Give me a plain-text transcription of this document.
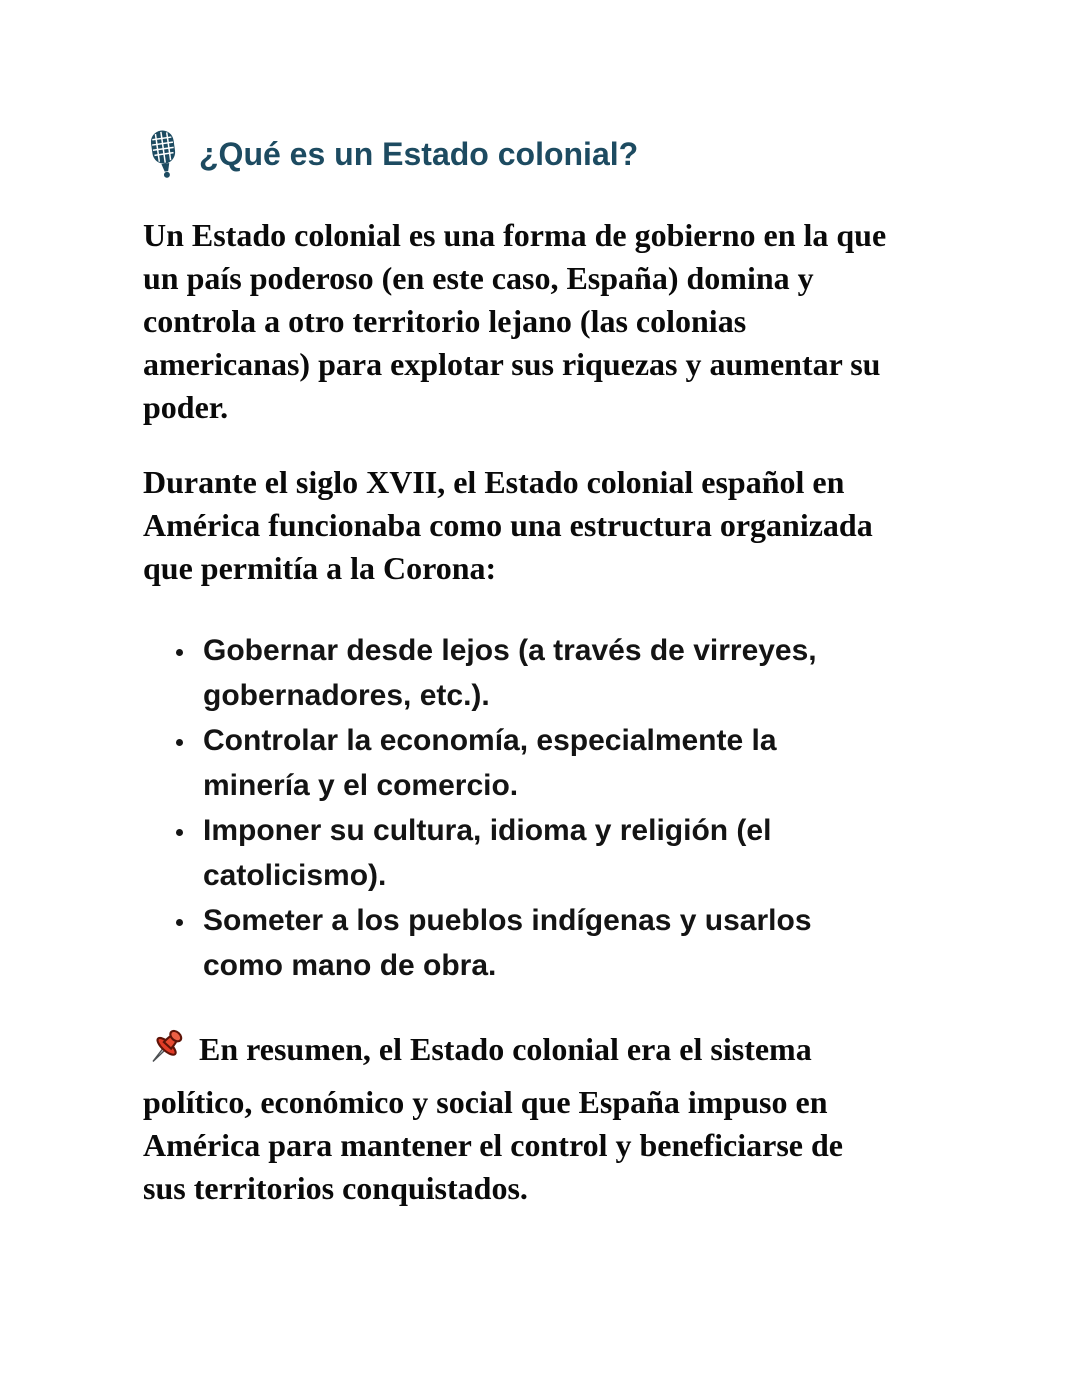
¿Qué es un Estado colonial?

Un Estado colonial es una forma de gobierno en la que un país poderoso (en este caso, España) domina y controla a otro territorio lejano (las colonias americanas) para explotar sus riquezas y aumentar su poder.

Durante el siglo XVII, el Estado colonial español en América funcionaba como una estructura organizada que permitía a la Corona:

Gobernar desde lejos (a través de virreyes, gobernadores, etc.).
Controlar la economía, especialmente la minería y el comercio.
Imponer su cultura, idioma y religión (el catolicismo).
Someter a los pueblos indígenas y usarlos como mano de obra.

En resumen, el Estado colonial era el sistema político, económico y social que España impuso en América para mantener el control y beneficiarse de sus territorios conquistados.
